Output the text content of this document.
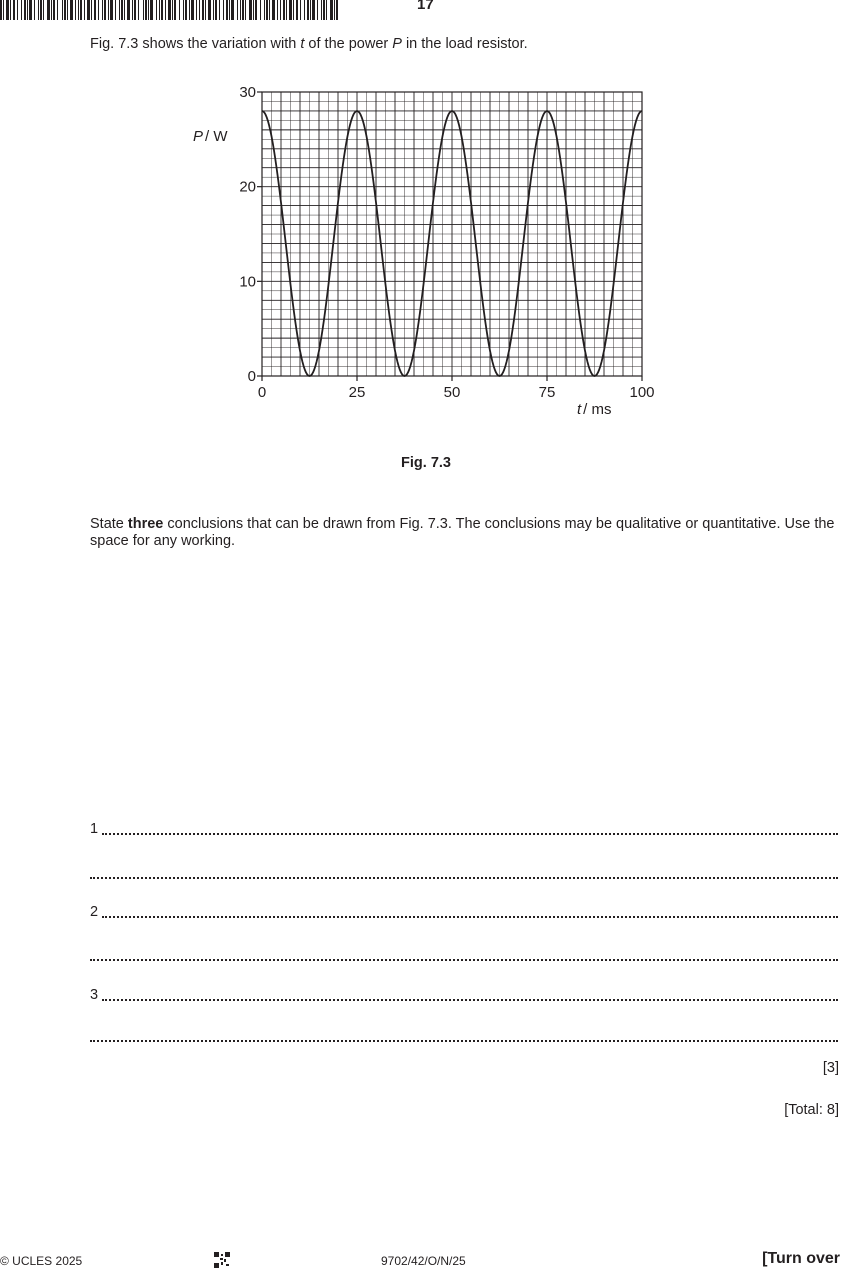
17
Fig. 7.3 shows the variation with t of the power P in the load resistor.
0	25	50	75	100
0
10
20
30
P / W
t / ms
Fig. 7.3
State three conclusions that can be drawn from Fig. 7.3. The conclusions may be qualitative or quantitative. Use the space for any working.
1
2
3
[3]
[Total: 8]
© UCLES 2025	9702/42/O/N/25	[Turn over
